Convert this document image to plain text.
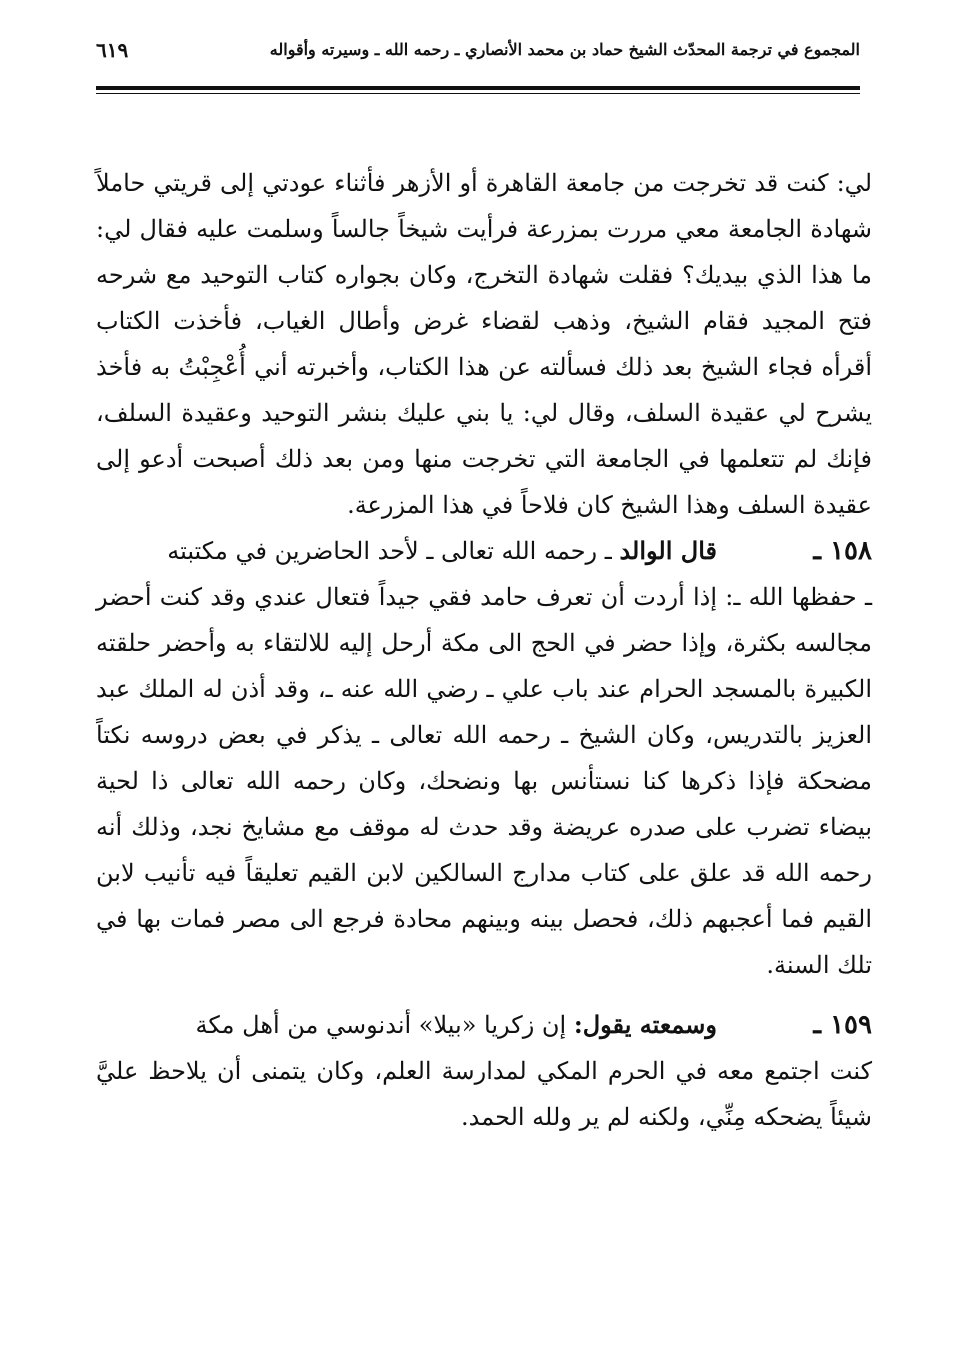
المجموع في ترجمة المحدّث الشيخ حماد بن محمد الأنصاري ـ رحمه الله ـ وسيرته وأقواله
٦١٩

لي: كنت قد تخرجت من جامعة القاهرة أو الأزهر فأثناء عودتي إلى قريتي حاملاً شهادة الجامعة معي مررت بمزرعة فرأيت شيخاً جالساً وسلمت عليه فقال لي: ما هذا الذي بيديك؟ فقلت شهادة التخرج، وكان بجواره كتاب التوحيد مع شرحه فتح المجيد فقام الشيخ، وذهب لقضاء غرض وأطال الغياب، فأخذت الكتاب أقرأه فجاء الشيخ بعد ذلك فسألته عن هذا الكتاب، وأخبرته أني أُعْجِبْتُ به فأخذ يشرح لي عقيدة السلف، وقال لي: يا بني عليك بنشر التوحيد وعقيدة السلف، فإنك لم تتعلمها في الجامعة التي تخرجت منها ومن بعد ذلك أصبحت أدعو إلى عقيدة السلف وهذا الشيخ كان فلاحاً في هذا المزرعة.

١٥٨ ـ
قال الوالد ـ رحمه الله تعالى ـ لأحد الحاضرين في مكتبته
ـ حفظها الله ـ: إذا أردت أن تعرف حامد فقي جيداً فتعال عندي وقد كنت أحضر مجالسه بكثرة، وإذا حضر في الحج الى مكة أرحل إليه للالتقاء به وأحضر حلقته الكبيرة بالمسجد الحرام عند باب علي ـ رضي الله عنه ـ، وقد أذن له الملك عبد العزيز بالتدريس، وكان الشيخ ـ رحمه الله تعالى ـ يذكر في بعض دروسه نكتاً مضحكة فإذا ذكرها كنا نستأنس بها ونضحك، وكان رحمه الله تعالى ذا لحية بيضاء تضرب على صدره عريضة وقد حدث له موقف مع مشايخ نجد، وذلك أنه رحمه الله قد علق على كتاب مدارج السالكين لابن القيم تعليقاً فيه تأنيب لابن القيم فما أعجبهم ذلك، فحصل بينه وبينهم محادة فرجع الى مصر فمات بها في تلك السنة.
١٥٩ ـ
وسمعته يقول: إن زكريا «بيلا» أندنوسي من أهل مكة
كنت اجتمع معه في الحرم المكي لمدارسة العلم، وكان يتمنى أن يلاحظ عليَّ شيئاً يضحكه مِنِّي، ولكنه لم ير ولله الحمد.
